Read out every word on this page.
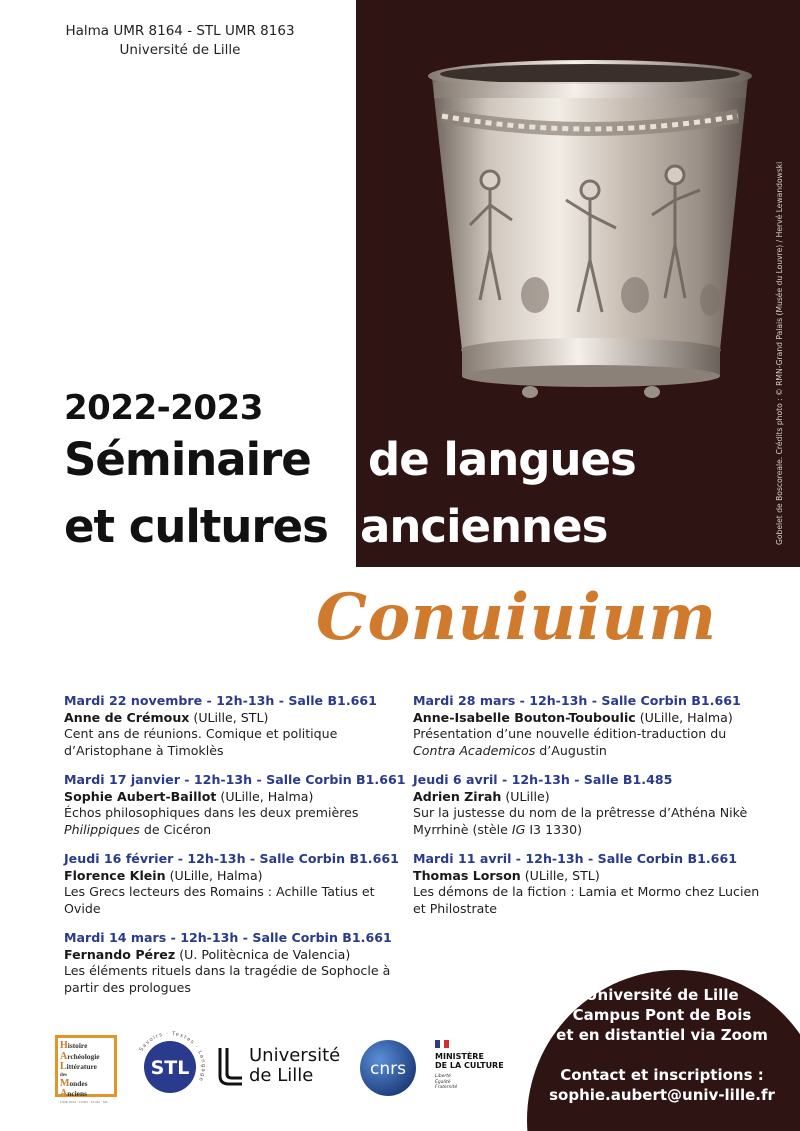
Halma UMR 8164 - STL UMR 8163
Université de Lille
Gobelet de Boscoreale. Crédits photo : © RMN-Grand Palais (Musée du Louvre) / Hervé Lewandowski
2022-2023
Séminaire de langues
et cultures anciennes
Conuiuium
Mardi 22 novembre - 12h-13h - Salle B1.661
Anne de Crémoux (ULille, STL)
Cent ans de réunions. Comique et politique d’Aristophane à Timoklès
Mardi 17 janvier - 12h-13h - Salle Corbin B1.661
Sophie Aubert-Baillot (ULille, Halma)
Échos philosophiques dans les deux premières Philippiques de Cicéron
Jeudi 16 février - 12h-13h - Salle Corbin B1.661
Florence Klein (ULille, Halma)
Les Grecs lecteurs des Romains : Achille Tatius et Ovide
Mardi 14 mars - 12h-13h - Salle Corbin B1.661
Fernando Pérez (U. Politècnica de Valencia)
Les éléments rituels dans la tragédie de Sophocle à partir des prologues
Mardi 28 mars - 12h-13h - Salle Corbin B1.661
Anne-Isabelle Bouton-Touboulic (ULille, Halma)
Présentation d’une nouvelle édition-traduction du Contra Academicos d’Augustin
Jeudi 6 avril - 12h-13h - Salle B1.485
Adrien Zirah (ULille)
Sur la justesse du nom de la prêtresse d’Athéna Nikè Myrrhinè (stèle IG I3 1330)
Mardi 11 avril - 12h-13h - Salle Corbin B1.661
Thomas Lorson (ULille, STL)
Les démons de la fiction : Lamia et Mormo chez Lucien et Philostrate
Université de Lille
Campus Pont de Bois
et en distantiel via Zoom
Contact et inscriptions :
sophie.aubert@univ-lille.fr
Histoire
Archéologie
Littérature
des
Mondes
Anciens
UMR 8164 · CNRS · ULille · MC
STL
Savoirs · Textes · Langage
Université
de Lille	cnrs
MINISTÈRE
DE LA CULTURE
Liberté
Égalité
Fraternité
